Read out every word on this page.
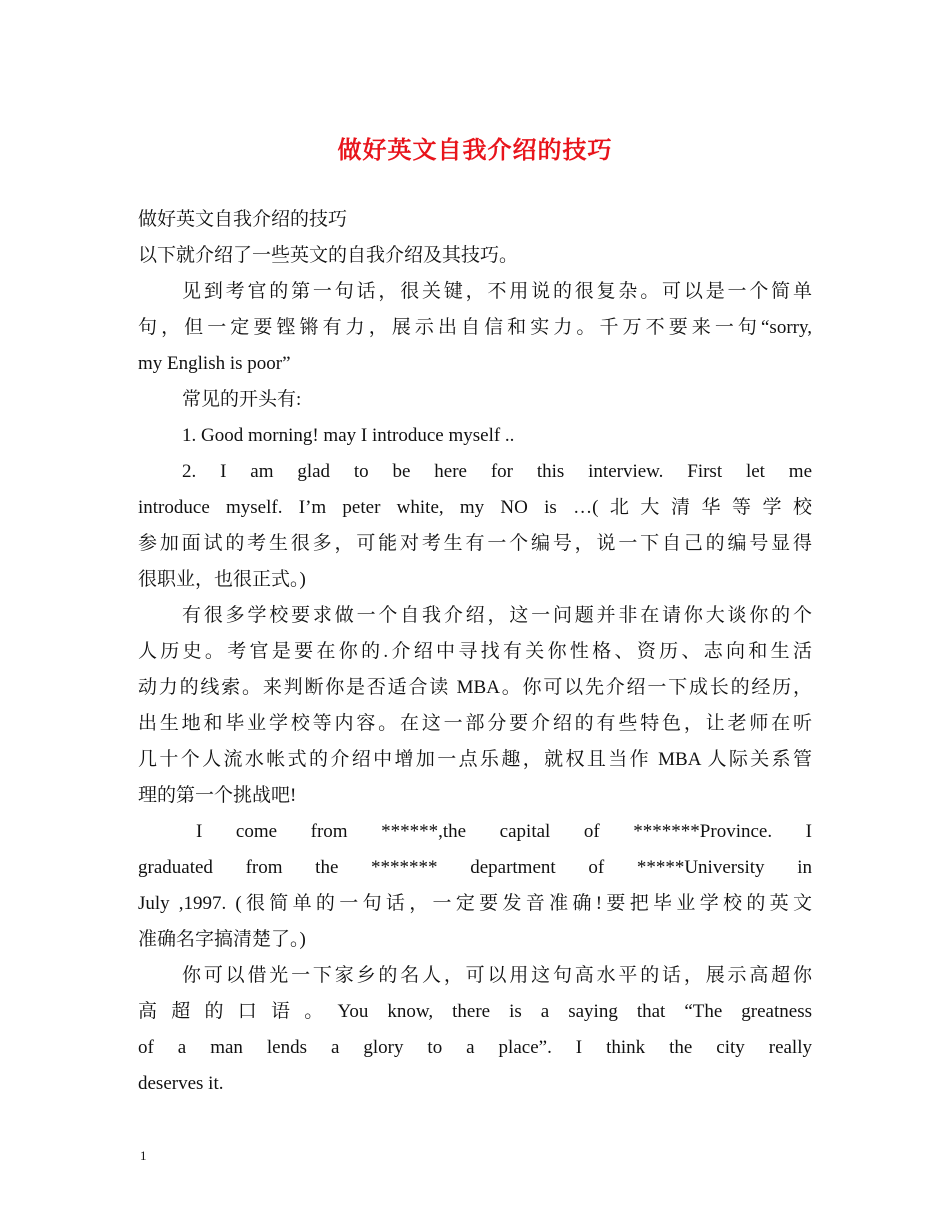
做好英文自我介绍的技巧
做好英文自我介绍的技巧
以下就介绍了一些英文的自我介绍及其技巧。
见到考官的第一句话，很关键，不用说的很复杂。可以是一个简单
句，但一定要铿锵有力，展示出自信和实力。千万不要来一句“sorry,
my English is poor”
常见的开头有:
1. Good morning! may I introduce myself ..
2. I am glad to be here for this interview. First let me
introduce myself. I’m peter white, my NO is …(北大清华等学校
参加面试的考生很多，可能对考生有一个编号，说一下自己的编号显得
很职业，也很正式。)
有很多学校要求做一个自我介绍，这一问题并非在请你大谈你的个
人历史。考官是要在你的.介绍中寻找有关你性格、资历、志向和生活
动力的线索。来判断你是否适合读 MBA。你可以先介绍一下成长的经历，
出生地和毕业学校等内容。在这一部分要介绍的有些特色，让老师在听
几十个人流水帐式的介绍中增加一点乐趣，就权且当作 MBA 人际关系管
理的第一个挑战吧!
I come from ******,the capital of *******Province. I
graduated from the ******* department of *****University in
July ,1997. (很简单的一句话，一定要发音准确!要把毕业学校的英文
准确名字搞清楚了。)
你可以借光一下家乡的名人，可以用这句高水平的话，展示高超你
高超的口语。You know, there is a saying that “The greatness
of a man lends a glory to a place”. I think the city really
deserves it.
1
